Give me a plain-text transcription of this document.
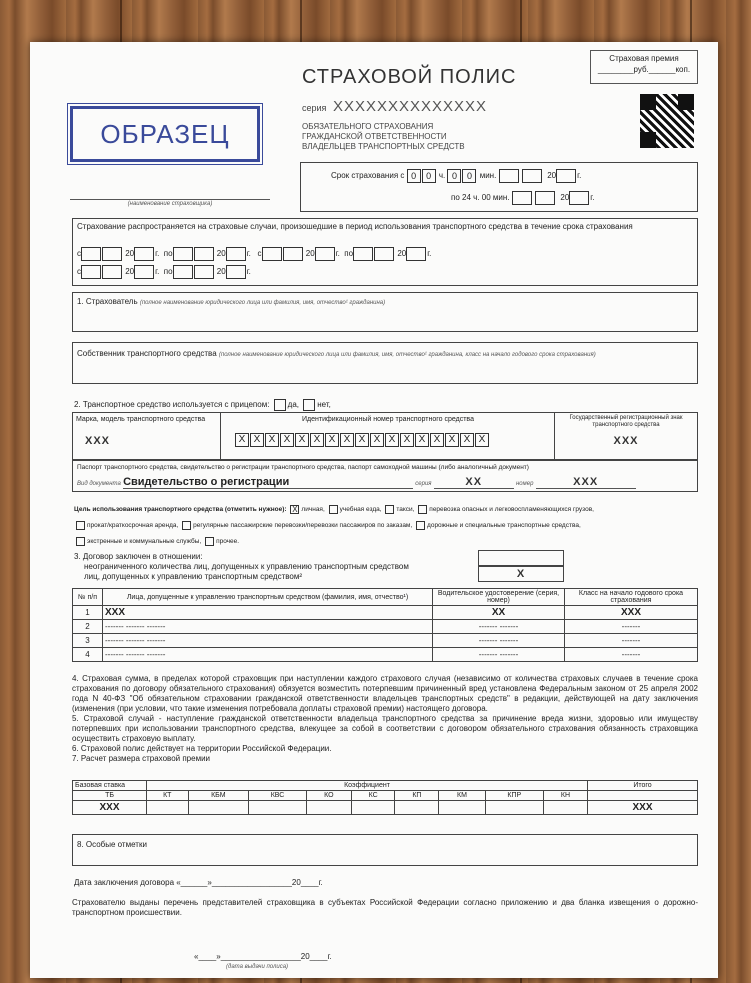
Страховая премия
________руб.______коп.
СТРАХОВОЙ ПОЛИС
серия XXXXXXXXXXXXXX
ОБЯЗАТЕЛЬНОГО СТРАХОВАНИЯ
ГРАЖДАНСКОЙ ОТВЕТСТВЕННОСТИ
ВЛАДЕЛЬЦЕВ ТРАНСПОРТНЫХ СРЕДСТВ
ОБРАЗЕЦ
(наименование страховщика)
Срок страхования с 0 0 ч. 0 0 мин.	20	г.
по 24 ч. 00 мин.	20	г.
Страхование распространяется на страховые случаи, произошедшие в период использования транспортного средства в течение срока страхования
с	20	г. по	20	г. с	20	г. по	20	г.
с	20	г. по	20	г.
1. Страхователь (полное наименование юридического лица или фамилия, имя, отчество¹ гражданина)
Собственник транспортного средства (полное наименование юридического лица или фамилия, имя, отчество¹ гражданина, класс на начало годового срока страхования)
2. Транспортное средство используется с прицепом: да, нет,
Марка, модель транспортного средства
XXX
Идентификационный номер транспортного средства
X X X X X X X X X X X X X X X X X
Государственный регистрационный знак транспортного средства
XXX
Паспорт транспортного средства, свидетельство о регистрации транспортного средства, паспорт самоходной машины (либо аналогичный документ)
Вид документа Свидетельство о регистрации	серия	XX	номер	XXX
Цель использования транспортного средства (отметить нужное): X личная, учебная езда, такси, перевозка опасных и легковоспламеняющихся грузов,
прокат/краткосрочная аренда, регулярные пассажирские перевозки/перевозки пассажиров по заказам, дорожные и специальные транспортные средства,
экстренные и коммунальные службы, прочее.
3. Договор заключен в отношении:
неограниченного количества лиц, допущенных к управлению транспортным средством
лиц, допущенных к управлению транспортным средством²	X
№ п/п	Лица, допущенные к управлению транспортным средством (фамилия, имя, отчество¹)	Водительское удостоверение (серия, номер)	Класс на начало годового срока страхования
1	XXX	XX	XXX
2	------- ------- -------	------- -------	-------
3	------- ------- -------	------- -------	-------
4	------- ------- -------	------- -------	-------
4. Страховая сумма, в пределах которой страховщик при наступлении каждого страхового случая (независимо от количества страховых случаев в течение срока страхования по договору обязательного страхования) обязуется возместить потерпевшим причиненный вред установлена Федеральным законом от 25 апреля 2002 года N 40-ФЗ "Об обязательном страховании гражданской ответственности владельцев транспортных средств" в редакции, действующей на дату заключения (изменения (при условии, что такие изменения потребовала доплаты страховой премии) настоящего договора.
5. Страховой случай - наступление гражданской ответственности владельца транспортного средства за причинение вреда жизни, здоровью или имуществу потерпевших при использовании транспортного средства, влекущее за собой в соответствии с договором обязательного страхования обязанность страховщика осуществить страховую выплату.
6. Страховой полис действует на территории Российской Федерации.
7. Расчет размера страховой премии
Базовая ставка	Коэффициент									Итого
ТБ	КТ	КБМ	КВС	КО	КС	КП	КМ	КПР	КН	
XXX										XXX
8. Особые отметки
Дата заключения договора «______»__________________20____г.
Страхователю выданы перечень представителей страховщика в субъектах Российской Федерации согласно приложению и два бланка извещения о дорожно-транспортном происшествии.
«____»__________________20____г.
(дата выдачи полиса)
